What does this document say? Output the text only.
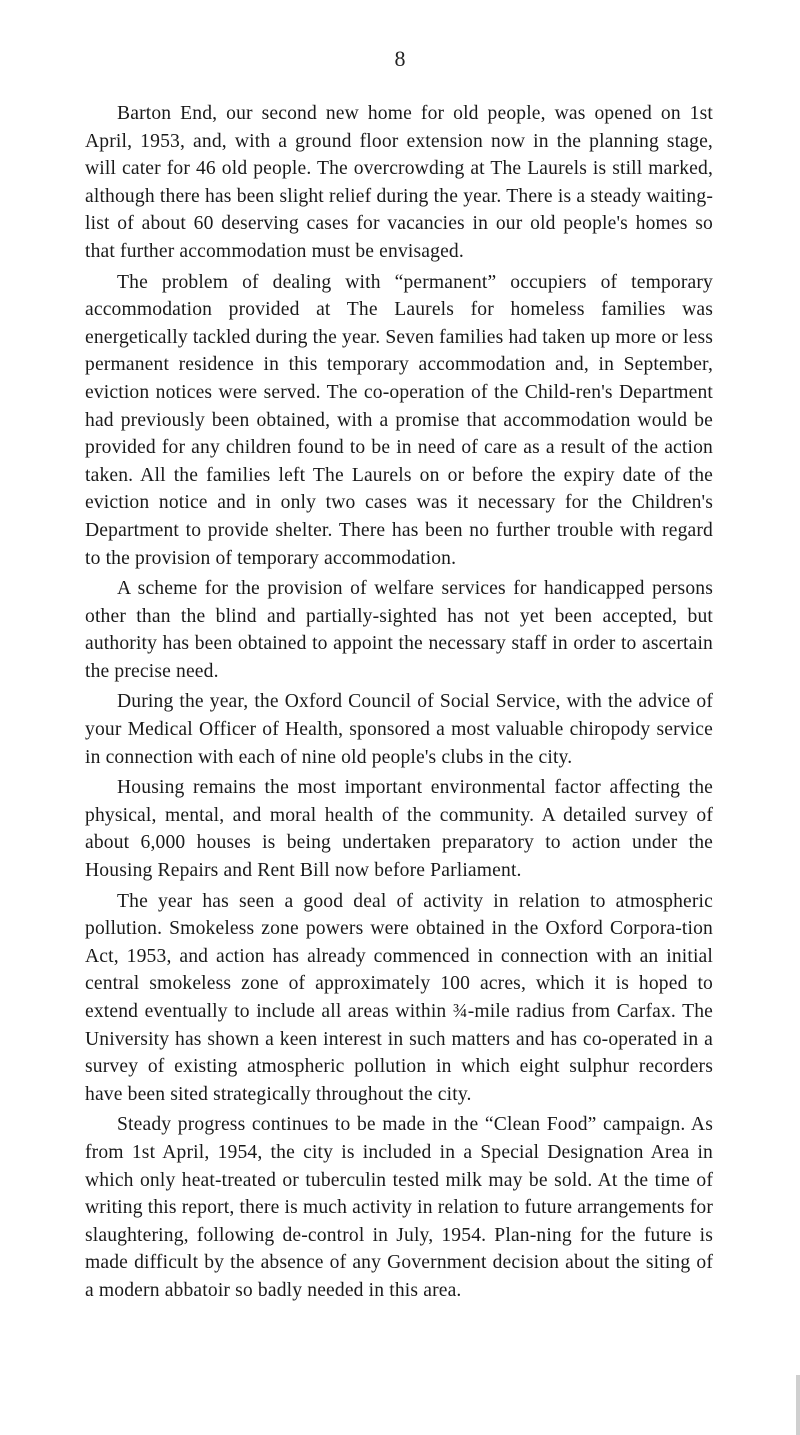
8

Barton End, our second new home for old people, was opened on 1st April, 1953, and, with a ground floor extension now in the planning stage, will cater for 46 old people. The overcrowding at The Laurels is still marked, although there has been slight relief during the year. There is a steady waiting-list of about 60 deserving cases for vacancies in our old people's homes so that further accommodation must be envisaged.

The problem of dealing with “permanent” occupiers of temporary accommodation provided at The Laurels for homeless families was energetically tackled during the year. Seven families had taken up more or less permanent residence in this temporary accommodation and, in September, eviction notices were served. The co-operation of the Child-ren's Department had previously been obtained, with a promise that accommodation would be provided for any children found to be in need of care as a result of the action taken. All the families left The Laurels on or before the expiry date of the eviction notice and in only two cases was it necessary for the Children's Department to provide shelter. There has been no further trouble with regard to the provision of temporary accommodation.

A scheme for the provision of welfare services for handicapped persons other than the blind and partially-sighted has not yet been accepted, but authority has been obtained to appoint the necessary staff in order to ascertain the precise need.

During the year, the Oxford Council of Social Service, with the advice of your Medical Officer of Health, sponsored a most valuable chiropody service in connection with each of nine old people's clubs in the city.

Housing remains the most important environmental factor affecting the physical, mental, and moral health of the community. A detailed survey of about 6,000 houses is being undertaken preparatory to action under the Housing Repairs and Rent Bill now before Parliament.

The year has seen a good deal of activity in relation to atmospheric pollution. Smokeless zone powers were obtained in the Oxford Corpora-tion Act, 1953, and action has already commenced in connection with an initial central smokeless zone of approximately 100 acres, which it is hoped to extend eventually to include all areas within ¾-mile radius from Carfax. The University has shown a keen interest in such matters and has co-operated in a survey of existing atmospheric pollution in which eight sulphur recorders have been sited strategically throughout the city.

Steady progress continues to be made in the “Clean Food” campaign. As from 1st April, 1954, the city is included in a Special Designation Area in which only heat-treated or tuberculin tested milk may be sold. At the time of writing this report, there is much activity in relation to future arrangements for slaughtering, following de-control in July, 1954. Plan-ning for the future is made difficult by the absence of any Government decision about the siting of a modern abbatoir so badly needed in this area.
